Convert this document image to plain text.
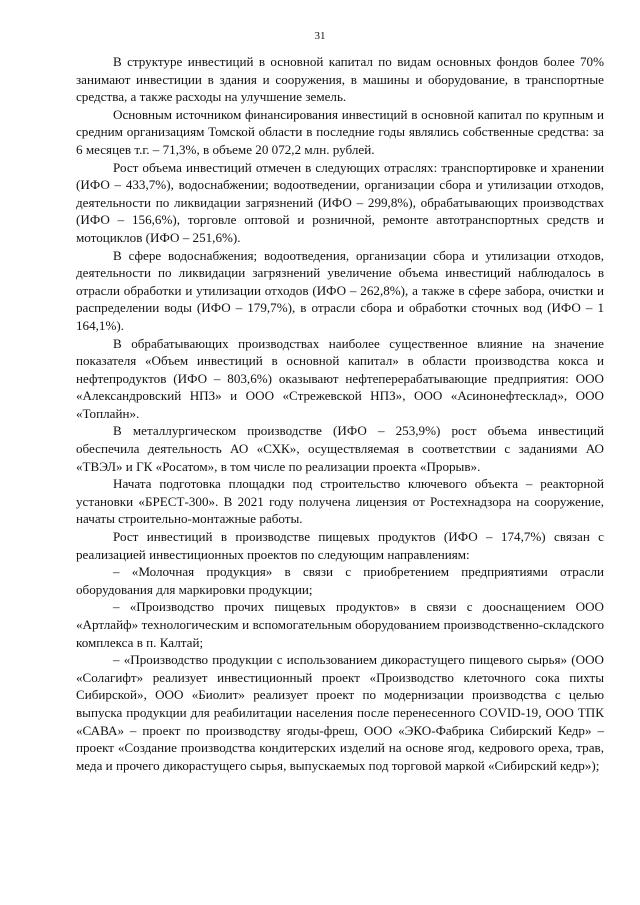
31

В структуре инвестиций в основной капитал по видам основных фондов более 70% занимают инвестиции в здания и сооружения, в машины и оборудование, в транспортные средства, а также расходы на улучшение земель.

Основным источником финансирования инвестиций в основной капитал по крупным и средним организациям Томской области в последние годы являлись собственные средства: за 6 месяцев т.г. – 71,3%, в объеме 20 072,2 млн. рублей.

Рост объема инвестиций отмечен в следующих отраслях: транспортировке и хранении (ИФО – 433,7%), водоснабжении; водоотведении, организации сбора и утилизации отходов, деятельности по ликвидации загрязнений (ИФО – 299,8%), обрабатывающих производствах (ИФО – 156,6%), торговле оптовой и розничной, ремонте автотранспортных средств и мотоциклов (ИФО – 251,6%).

В сфере водоснабжения; водоотведения, организации сбора и утилизации отходов, деятельности по ликвидации загрязнений увеличение объема инвестиций наблюдалось в отрасли обработки и утилизации отходов (ИФО – 262,8%), а также в сфере забора, очистки и распределении воды (ИФО – 179,7%), в отрасли сбора и обработки сточных вод (ИФО – 1 164,1%).

В обрабатывающих производствах наиболее существенное влияние на значение показателя «Объем инвестиций в основной капитал» в области производства кокса и нефтепродуктов (ИФО – 803,6%) оказывают нефтеперерабатывающие предприятия: ООО «Александровский НПЗ» и ООО «Стрежевской НПЗ», ООО «Асинонефтесклад», ООО «Топлайн».

В металлургическом производстве (ИФО – 253,9%) рост объема инвестиций обеспечила деятельность АО «СХК», осуществляемая в соответствии с заданиями АО «ТВЭЛ» и ГК «Росатом», в том числе по реализации проекта «Прорыв».

Начата подготовка площадки под строительство ключевого объекта – реакторной установки «БРЕСТ-300». В 2021 году получена лицензия от Ростехнадзора на сооружение, начаты строительно-монтажные работы.

Рост инвестиций в производстве пищевых продуктов (ИФО – 174,7%) связан с реализацией инвестиционных проектов по следующим направлениям:

– «Молочная продукция» в связи с приобретением предприятиями отрасли оборудования для маркировки продукции;

– «Производство прочих пищевых продуктов» в связи с дооснащением ООО «Артлайф» технологическим и вспомогательным оборудованием производственно-складского комплекса в п. Калтай;

– «Производство продукции с использованием дикорастущего пищевого сырья» (ООО «Солагифт» реализует инвестиционный проект «Производство клеточного сока пихты Сибирской», ООО «Биолит» реализует проект по модернизации производства с целью выпуска продукции для реабилитации населения после перенесенного COVID-19, ООО ТПК «САВА» – проект по производству ягоды-фреш, ООО «ЭКО-Фабрика Сибирский Кедр» – проект «Создание производства кондитерских изделий на основе ягод, кедрового ореха, трав, меда и прочего дикорастущего сырья, выпускаемых под торговой маркой «Сибирский кедр»);
